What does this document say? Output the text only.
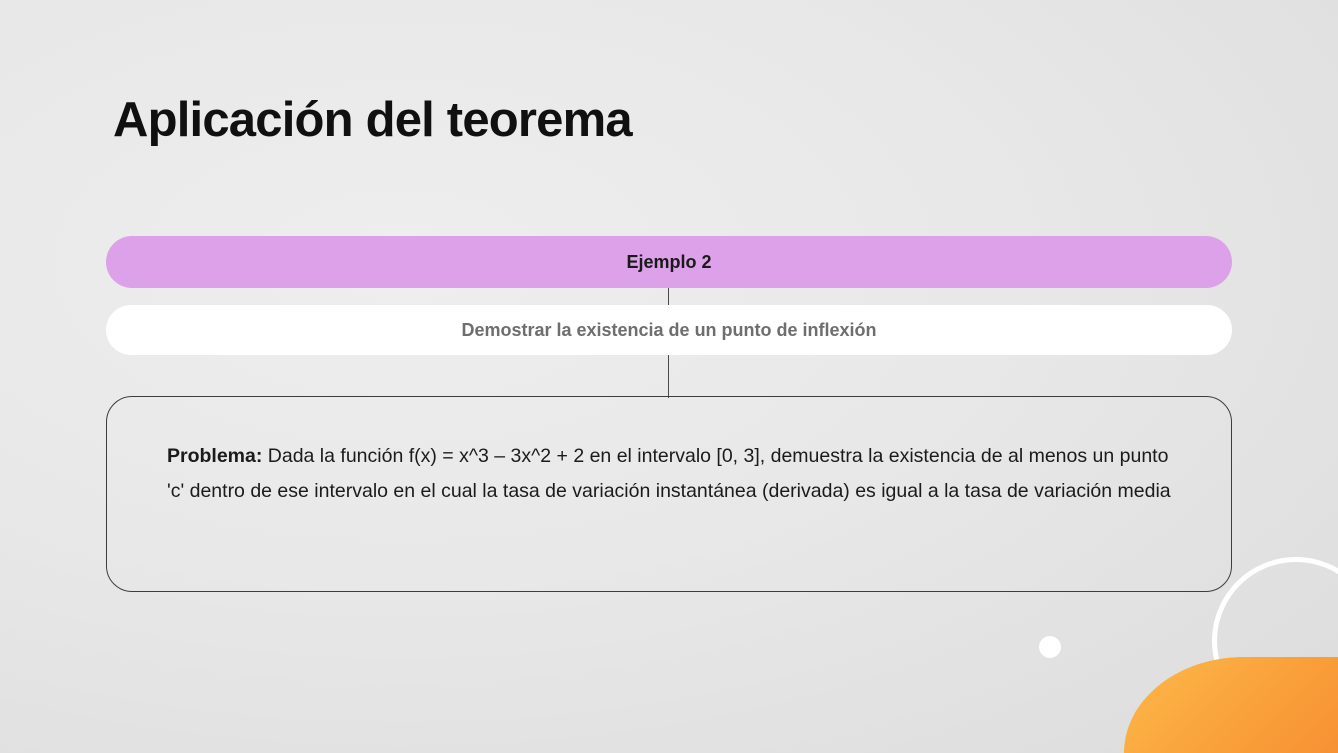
Aplicación del teorema
Ejemplo 2
Demostrar la existencia de un punto de inflexión
Problema: Dada la función f(x) = x^3 – 3x^2 + 2 en el intervalo [0, 3], demuestra la existencia de al menos un punto 'c' dentro de ese intervalo en el cual la tasa de variación instantánea (derivada) es igual a la tasa de variación media
